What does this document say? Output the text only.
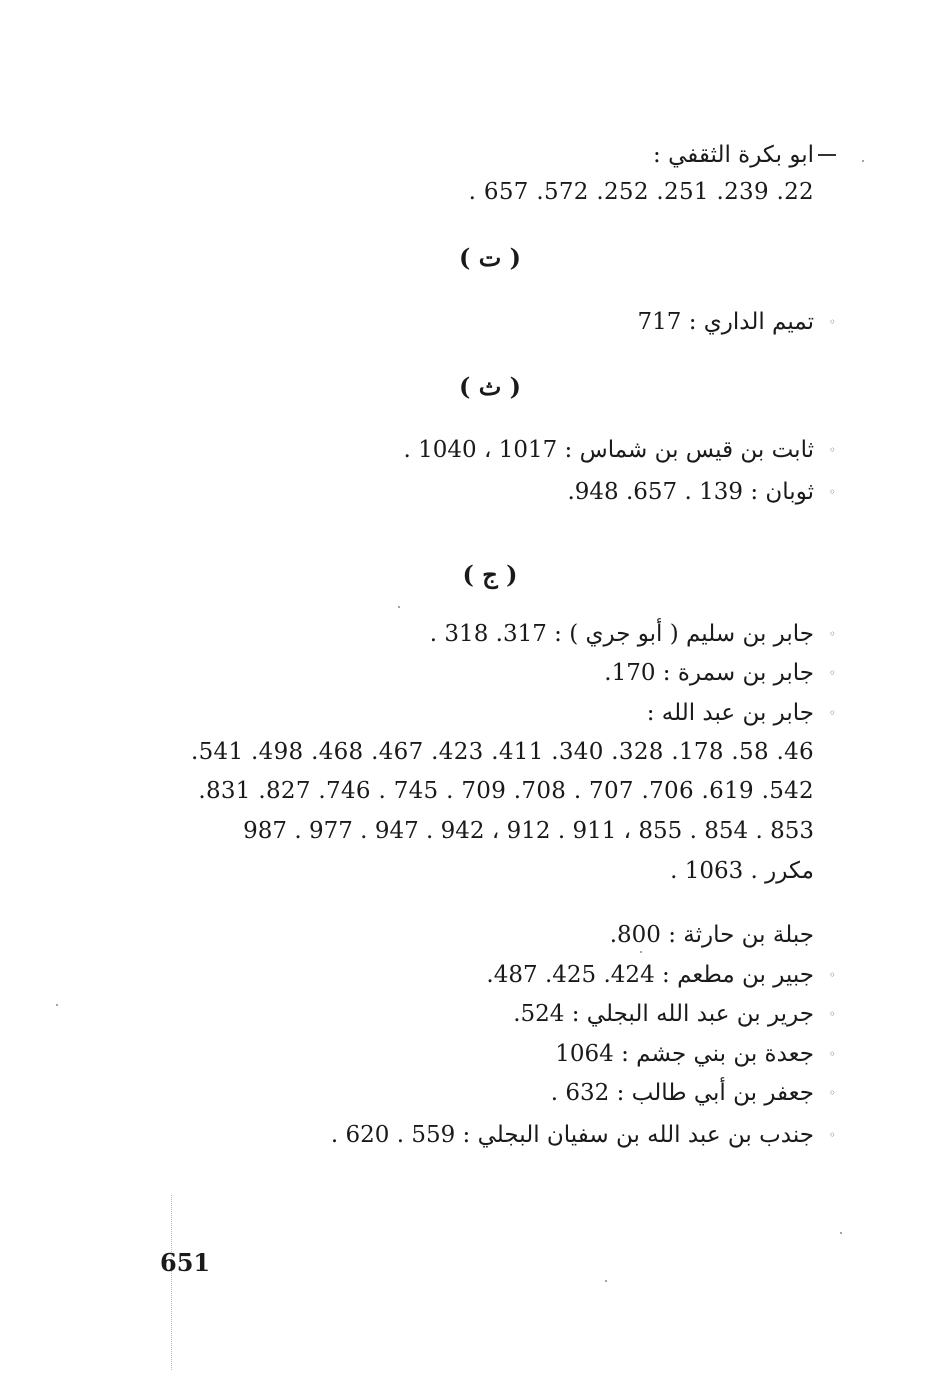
ابو بكرة الثقفي :
22. 239. 251. 252. 572. 657 .
( ت )
◦
تميم الداري : 717
( ث )
◦
ثابت بن قيس بن شماس : 1017 ، 1040 .
◦
ثوبان : 139 . 657. 948.
( ج )
◦
جابر بن سليم ( أبو جري ) : 317. 318 .
◦
جابر بن سمرة : 170.
◦
جابر بن عبد الله :
46. 58. 178. 328. 340. 411. 423. 467. 468. 498. 541.
542. 619. 706. 707 . 708. 709 . 745 . 746. 827. 831.
853 . 854 . 855 ، 911 . 912 ، 942 . 947 . 977 . 987
مكرر . 1063 .
جبلة بن حارثة : 800.
◦
جبير بن مطعم : 424. 425. 487.
◦
جرير بن عبد الله البجلي : 524.
◦
جعدة بن بني جشم : 1064
◦
جعفر بن أبي طالب : 632 .
◦
جندب بن عبد الله بن سفيان البجلي : 559 . 620 .
651
